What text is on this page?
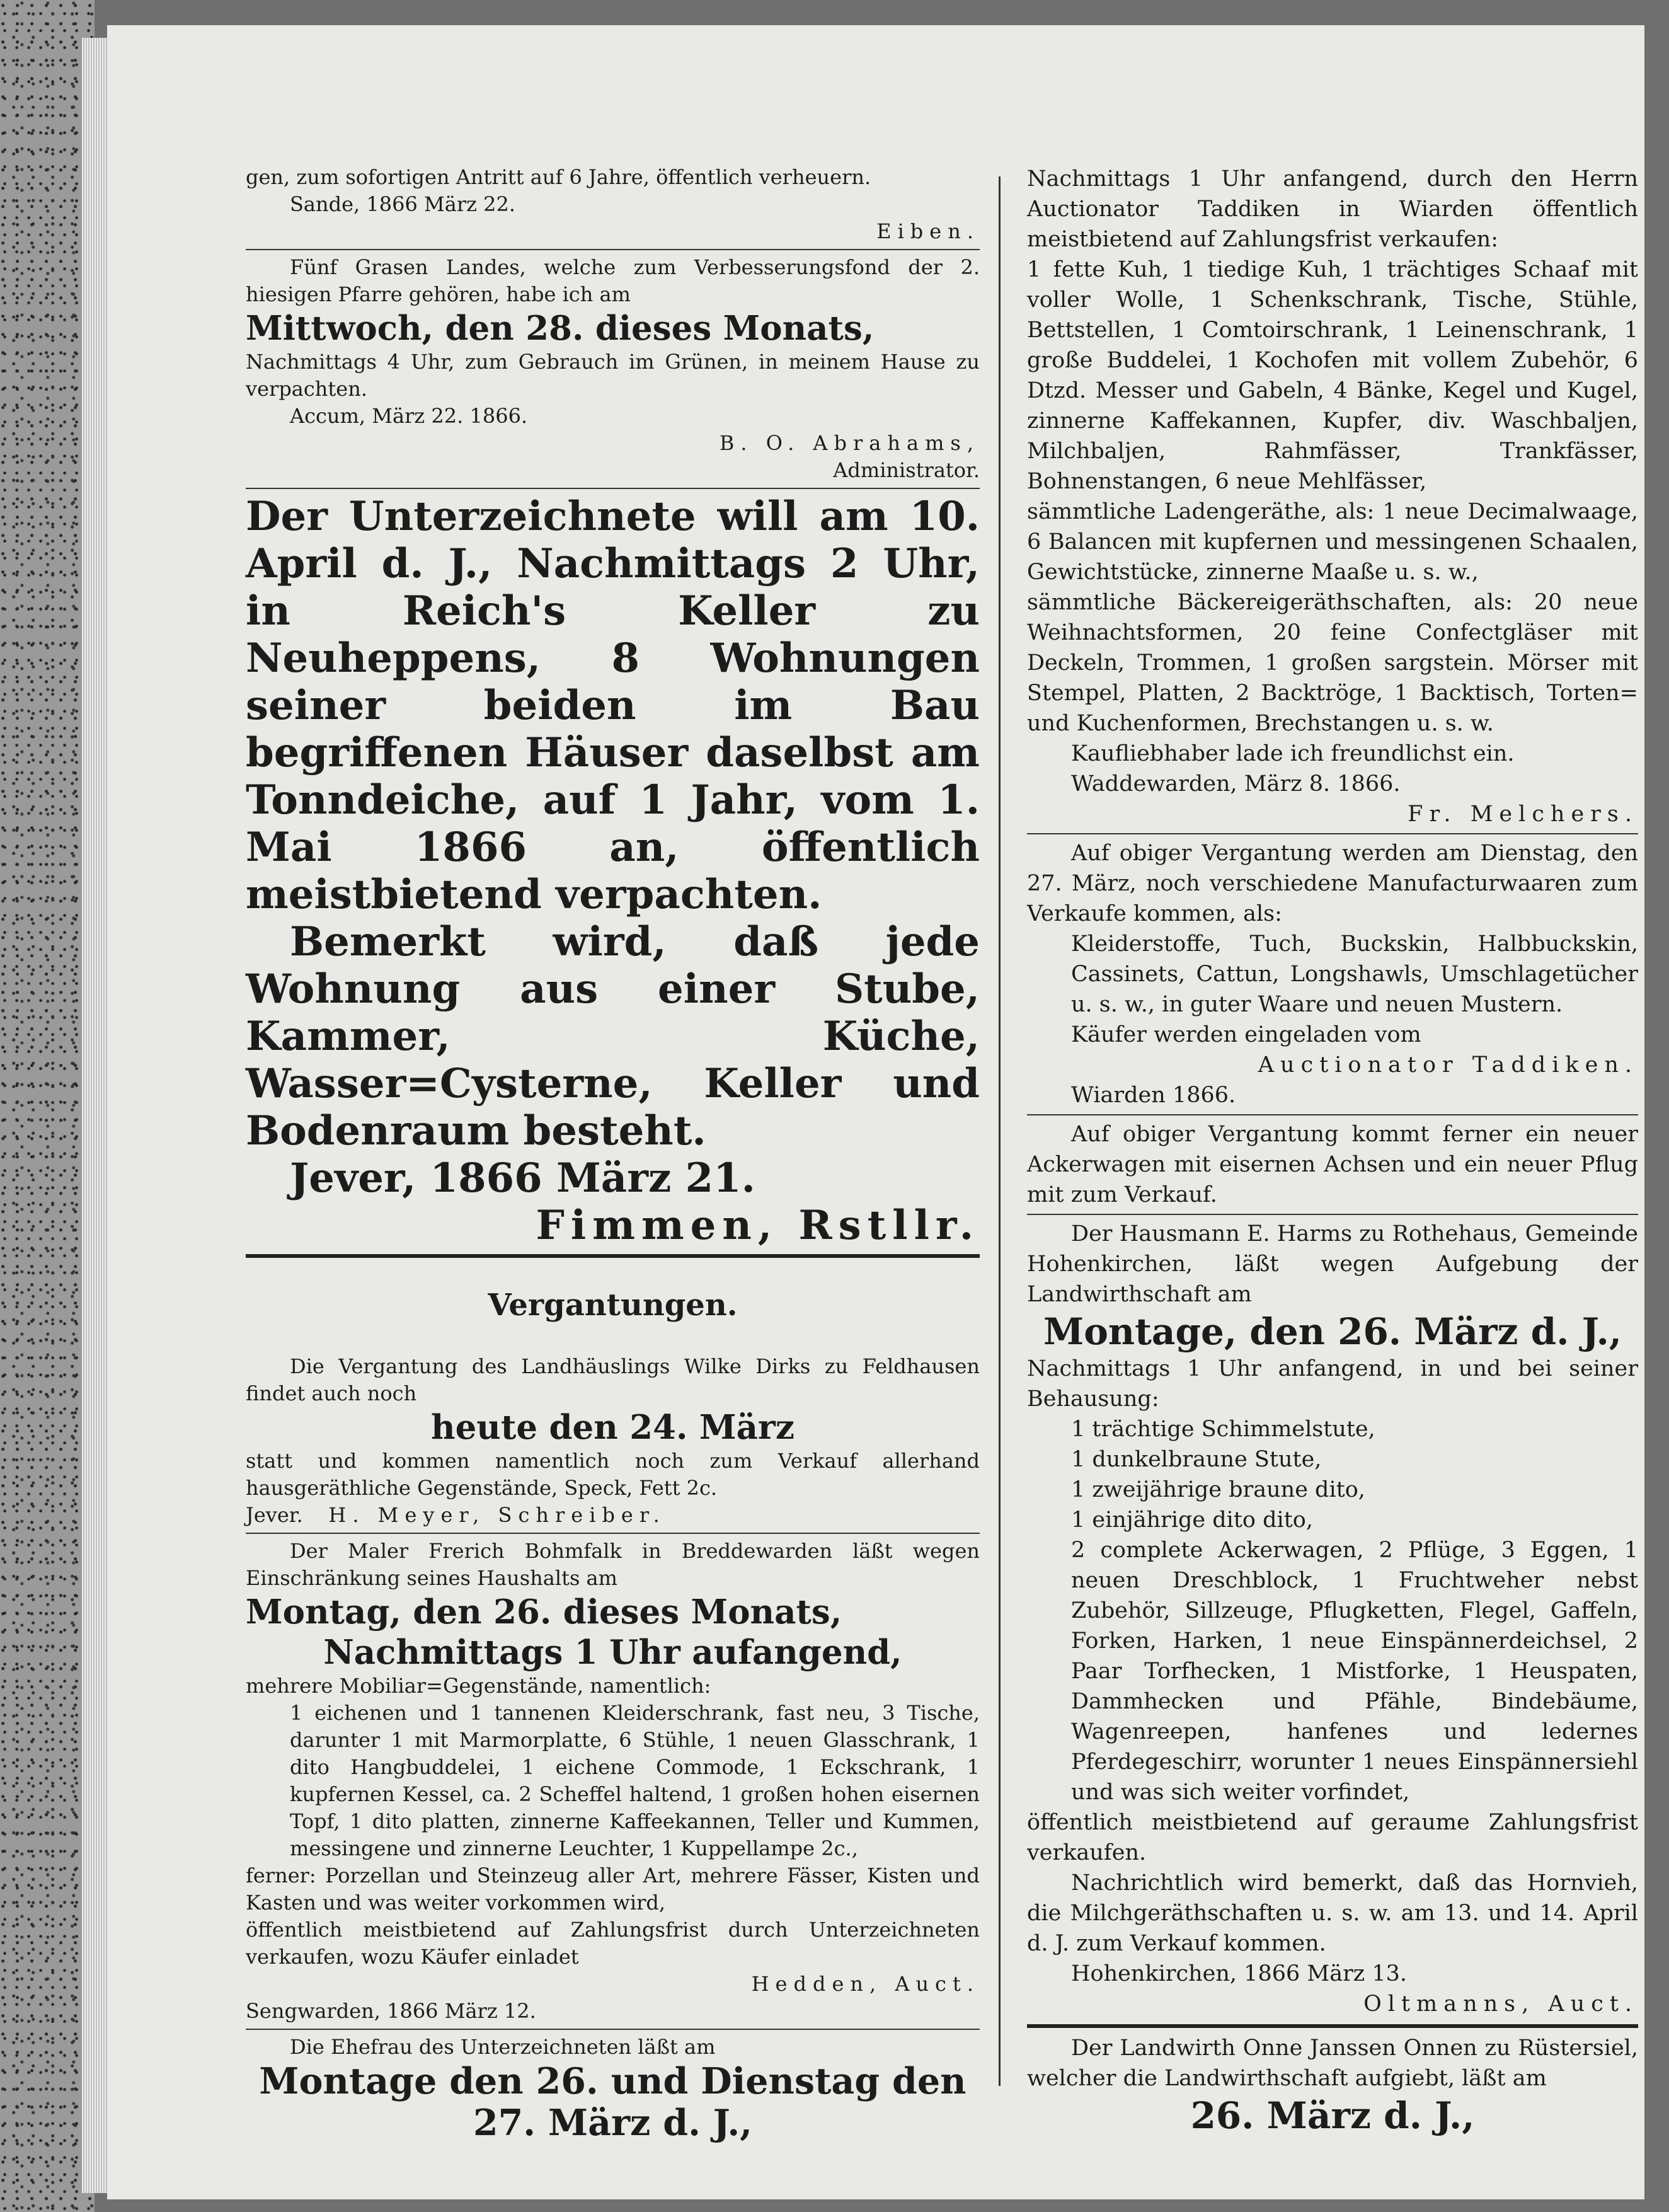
gen, zum sofortigen Antritt auf 6 Jahre, öffentlich verheuern.

Sande, 1866 März 22.

Eiben.

Fünf Grasen Landes, welche zum Verbesserungsfond der 2. hiesigen Pfarre gehören, habe ich am

Mittwoch, den 28. dieses Monats,

Nachmittags 4 Uhr, zum Gebrauch im Grünen, in meinem Hause zu verpachten.

Accum, März 22. 1866.

B. O. Abrahams,

Administrator.

Der Unterzeichnete will am 10. April d. J., Nachmittags 2 Uhr, in Reich's Keller zu Neuheppens, 8 Wohnungen seiner beiden im Bau begriffenen Häuser daselbst am Tonndeiche, auf 1 Jahr, vom 1. Mai 1866 an, öffentlich meistbietend verpachten.

Bemerkt wird, daß jede Wohnung aus einer Stube, Kammer, Küche, Wasser=Cysterne, Keller und Bodenraum besteht.

Jever, 1866 März 21.

Fimmen, Rstllr.

Vergantungen.

Die Vergantung des Landhäuslings Wilke Dirks zu Feldhausen findet auch noch

heute den 24. März

statt und kommen namentlich noch zum Verkauf allerhand hausgeräthliche Gegenstände, Speck, Fett 2c.

Jever. H. Meyer, Schreiber.

Der Maler Frerich Bohmfalk in Breddewarden läßt wegen Einschränkung seines Haushalts am

Montag, den 26. dieses Monats,

Nachmittags 1 Uhr aufangend,

mehrere Mobiliar=Gegenstände, namentlich:

1 eichenen und 1 tannenen Kleiderschrank, fast neu, 3 Tische, darunter 1 mit Marmorplatte, 6 Stühle, 1 neuen Glasschrank, 1 dito Hangbuddelei, 1 eichene Commode, 1 Eckschrank, 1 kupfernen Kessel, ca. 2 Scheffel haltend, 1 großen hohen eisernen Topf, 1 dito platten, zinnerne Kaffeekannen, Teller und Kummen, messingene und zinnerne Leuchter, 1 Kuppellampe 2c.,

ferner: Porzellan und Steinzeug aller Art, mehrere Fässer, Kisten und Kasten und was weiter vorkommen wird,

öffentlich meistbietend auf Zahlungsfrist durch Unterzeichneten verkaufen, wozu Käufer einladet

Hedden, Auct.

Sengwarden, 1866 März 12.

Die Ehefrau des Unterzeichneten läßt am

Montage den 26. und Dienstag den 27. März d. J.,

Nachmittags 1 Uhr anfangend, durch den Herrn Auctionator Taddiken in Wiarden öffentlich meistbietend auf Zahlungsfrist verkaufen:

1 fette Kuh, 1 tiedige Kuh, 1 trächtiges Schaaf mit voller Wolle, 1 Schenkschrank, Tische, Stühle, Bettstellen, 1 Comtoirschrank, 1 Leinenschrank, 1 große Buddelei, 1 Kochofen mit vollem Zubehör, 6 Dtzd. Messer und Gabeln, 4 Bänke, Kegel und Kugel, zinnerne Kaffekannen, Kupfer, div. Waschbaljen, Milchbaljen, Rahmfässer, Trankfässer, Bohnenstangen, 6 neue Mehlfässer,

sämmtliche Ladengeräthe, als: 1 neue Decimalwaage, 6 Balancen mit kupfernen und messingenen Schaalen, Gewichtstücke, zinnerne Maaße u. s. w.,

sämmtliche Bäckereigeräthschaften, als: 20 neue Weihnachtsformen, 20 feine Confectgläser mit Deckeln, Trommen, 1 großen sargstein. Mörser mit Stempel, Platten, 2 Backtröge, 1 Backtisch, Torten= und Kuchenformen, Brechstangen u. s. w.

Kaufliebhaber lade ich freundlichst ein.

Waddewarden, März 8. 1866.

Fr. Melchers.

Auf obiger Vergantung werden am Dienstag, den 27. März, noch verschiedene Manufacturwaaren zum Verkaufe kommen, als:

Kleiderstoffe, Tuch, Buckskin, Halbbuckskin, Cassinets, Cattun, Longshawls, Umschlagetücher u. s. w., in guter Waare und neuen Mustern.

Käufer werden eingeladen vom

Auctionator Taddiken.

Wiarden 1866.

Auf obiger Vergantung kommt ferner ein neuer Ackerwagen mit eisernen Achsen und ein neuer Pflug mit zum Verkauf.

Der Hausmann E. Harms zu Rothehaus, Gemeinde Hohenkirchen, läßt wegen Aufgebung der Landwirthschaft am

Montage, den 26. März d. J.,

Nachmittags 1 Uhr anfangend, in und bei seiner Behausung:

1 trächtige Schimmelstute,

1 dunkelbraune Stute,

1 zweijährige braune dito,

1 einjährige dito dito,

2 complete Ackerwagen, 2 Pflüge, 3 Eggen, 1 neuen Dreschblock, 1 Fruchtweher nebst Zubehör, Sillzeuge, Pflugketten, Flegel, Gaffeln, Forken, Harken, 1 neue Einspännerdeichsel, 2 Paar Torfhecken, 1 Mistforke, 1 Heuspaten, Dammhecken und Pfähle, Bindebäume, Wagenreepen, hanfenes und ledernes Pferdegeschirr, worunter 1 neues Einspännersiehl und was sich weiter vorfindet,

öffentlich meistbietend auf geraume Zahlungsfrist verkaufen.

Nachrichtlich wird bemerkt, daß das Hornvieh, die Milchgeräthschaften u. s. w. am 13. und 14. April d. J. zum Verkauf kommen.

Hohenkirchen, 1866 März 13.

Oltmanns, Auct.

Der Landwirth Onne Janssen Onnen zu Rüstersiel, welcher die Landwirthschaft aufgiebt, läßt am

26. März d. J.,
